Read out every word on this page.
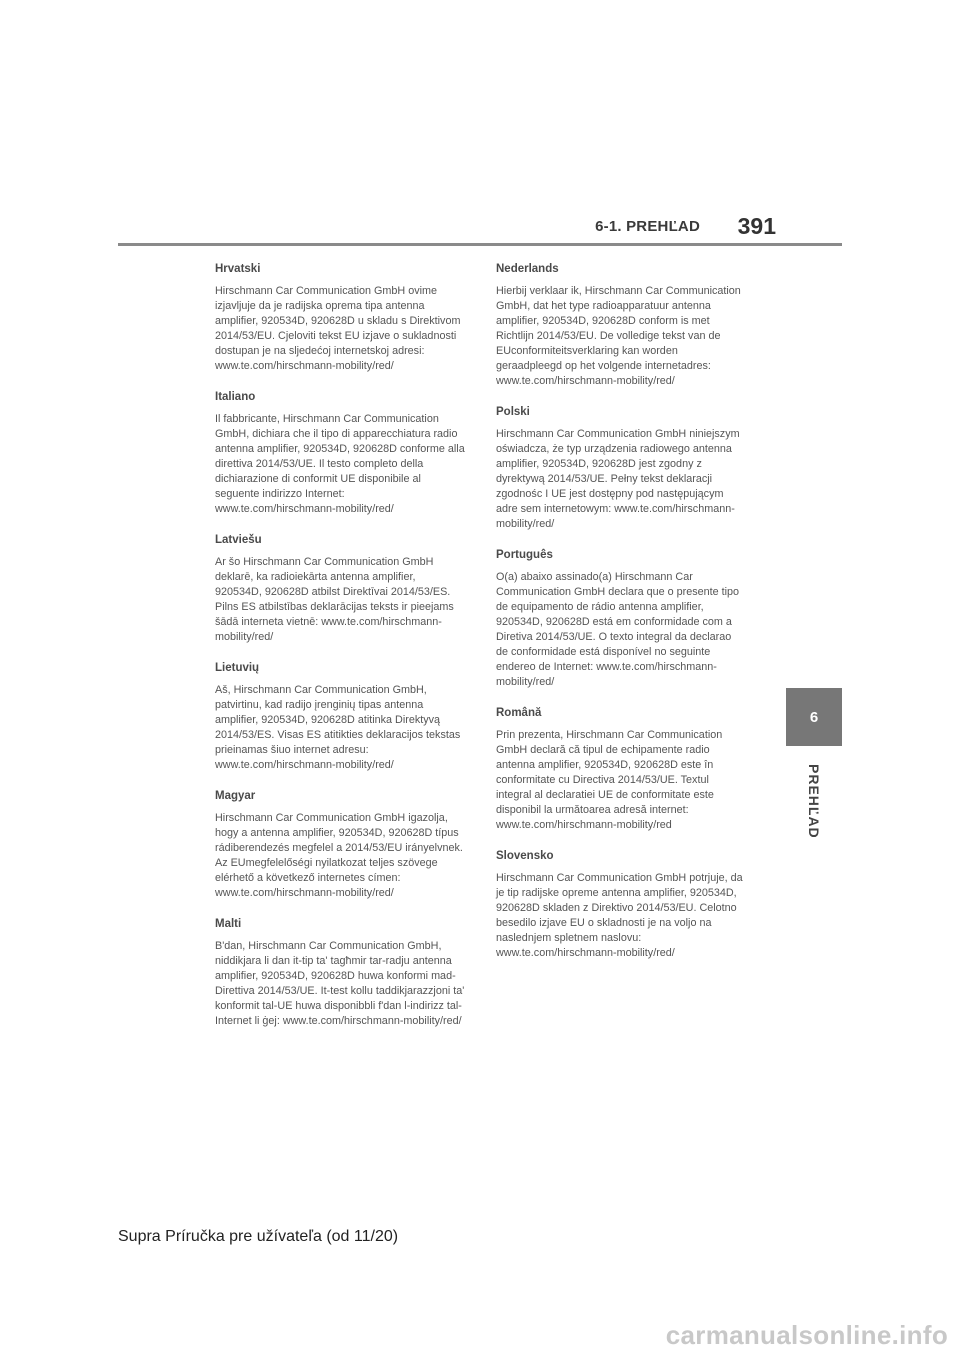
6-1. PREHĽAD	391
Hrvatski

Hirschmann Car Communication GmbH ovime izjavljuje da je radijska oprema tipa antenna amplifier, 920534D, 920628D u skladu s Direktivom 2014/53/EU. Cjeloviti tekst EU izjave o sukladnosti dostupan je na sljedećoj internetskoj adresi: www.te.com/hirschmann-mobility/red/

Italiano

Il fabbricante, Hirschmann Car Communication GmbH, dichiara che il tipo di apparecchiatura radio antenna amplifier, 920534D, 920628D conforme alla direttiva 2014/53/UE. Il testo completo della dichiarazione di conformit UE disponibile al seguente indirizzo Internet: www.te.com/hirschmann-mobility/red/

Latviešu

Ar šo Hirschmann Car Communication GmbH deklarē, ka radioiekārta antenna amplifier, 920534D, 920628D atbilst Direktīvai 2014/53/ES. Pilns ES atbilstības deklarācijas teksts ir pieejams šādā interneta vietnē: www.te.com/hirschmann-mobility/red/

Lietuvių

Aš, Hirschmann Car Communication GmbH, patvirtinu, kad radijo įrenginių tipas antenna amplifier, 920534D, 920628D atitinka Direktyvą 2014/53/ES. Visas ES atitikties deklaracijos tekstas prieinamas šiuo internet adresu: www.te.com/hirschmann-mobility/red/

Magyar

Hirschmann Car Communication GmbH igazolja, hogy a antenna amplifier, 920534D, 920628D típus rádiberendezés megfelel a 2014/53/EU irányelvnek. Az EUmegfelelőségi nyilatkozat teljes szövege elérhető a következő internetes címen: www.te.com/hirschmann-mobility/red/

Malti

B'dan, Hirschmann Car Communication GmbH, niddikjara li dan it-tip ta' tagħmir tar-radju antenna amplifier, 920534D, 920628D huwa konformi mad-Direttiva 2014/53/UE. It-test kollu taddikjarazzjoni ta' konformit tal-UE huwa disponibbli f'dan l-indirizz tal-Internet li ġej: www.te.com/hirschmann-mobility/red/

Nederlands

Hierbij verklaar ik, Hirschmann Car Communication GmbH, dat het type radioapparatuur antenna amplifier, 920534D, 920628D conform is met Richtlijn 2014/53/EU. De volledige tekst van de EUconformiteitsverklaring kan worden geraadpleegd op het volgende internetadres: www.te.com/hirschmann-mobility/red/

Polski

Hirschmann Car Communication GmbH niniejszym oświadcza, że typ urządzenia radiowego antenna amplifier, 920534D, 920628D jest zgodny z dyrektywą 2014/53/UE. Pełny tekst deklaracji zgodnośc I UE jest dostępny pod następującym adre sem internetowym: www.te.com/hirschmann-mobility/red/

Português

O(a) abaixo assinado(a) Hirschmann Car Communication GmbH declara que o presente tipo de equipamento de rádio antenna amplifier, 920534D, 920628D está em conformidade com a Diretiva 2014/53/UE. O texto integral da declarao de conformidade está disponível no seguinte endereo de Internet: www.te.com/hirschmann-mobility/red/

Română

Prin prezenta, Hirschmann Car Communication GmbH declară că tipul de echipamente radio antenna amplifier, 920534D, 920628D este în conformitate cu Directiva 2014/53/UE. Textul integral al declaratiei UE de conformitate este disponibil la următoarea adresă internet: www.te.com/hirschmann-mobility/red

Slovensko

Hirschmann Car Communication GmbH potrjuje, da je tip radijske opreme antenna amplifier, 920534D, 920628D skladen z Direktivo 2014/53/EU. Celotno besedilo izjave EU o skladnosti je na voljo na naslednjem spletnem naslovu: www.te.com/hirschmann-mobility/red/

6
PREHĽAD
Supra Príručka pre užívateľa (od 11/20)
carmanualsonline.info
